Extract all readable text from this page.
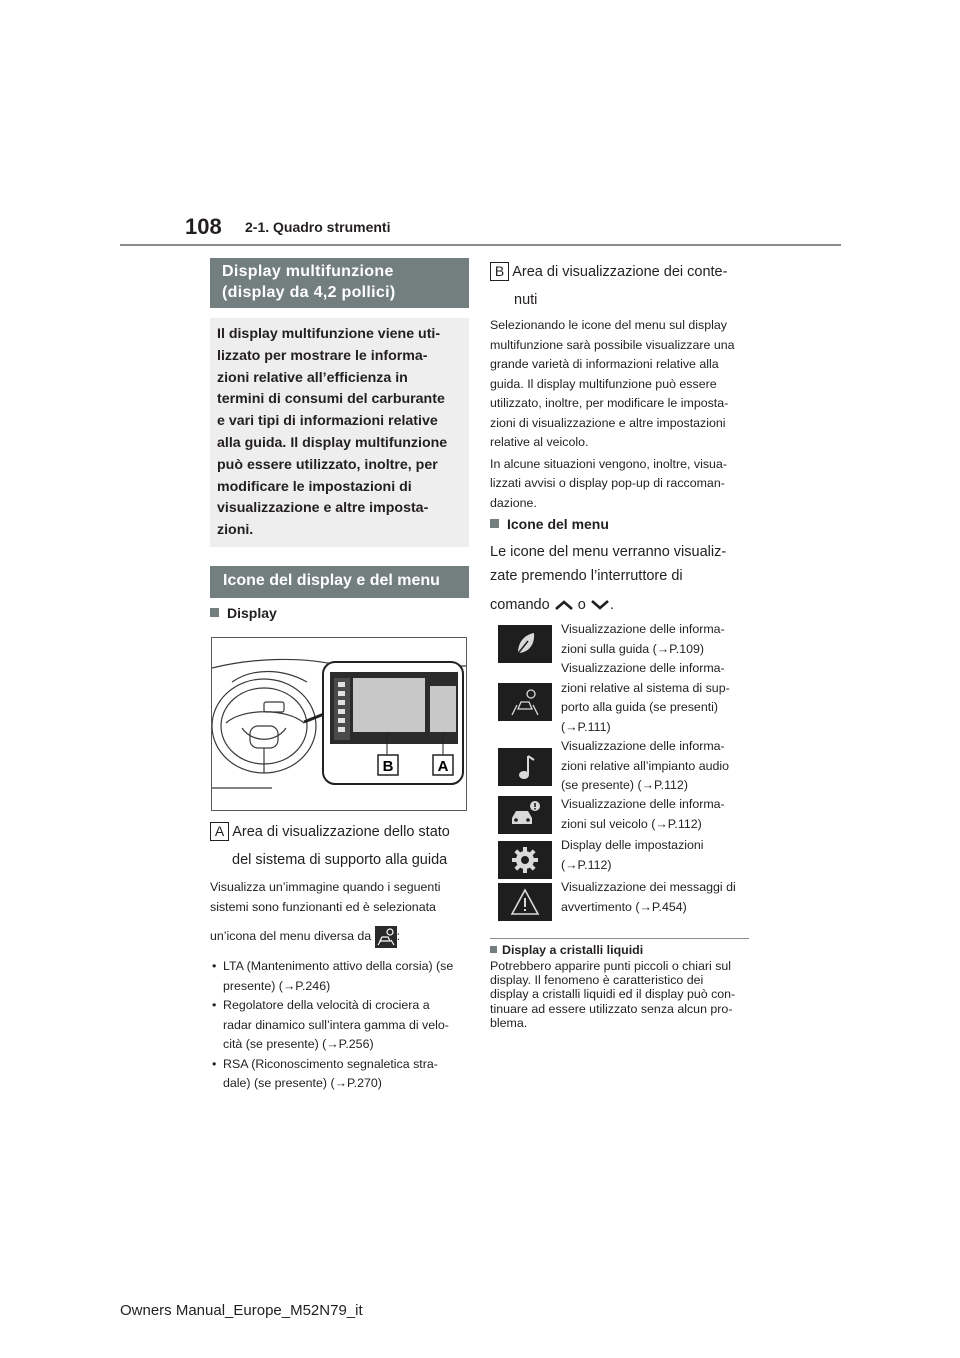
108 2-1. Quadro strumenti
Display multifunzione
(display da 4,2 pollici)
Il display multifunzione viene uti-
lizzato per mostrare le informa-
zioni relative all’efficienza in
termini di consumi del carburante
e vari tipi di informazioni relative
alla guida. Il display multifunzione
può essere utilizzato, inoltre, per
modificare le impostazioni di
visualizzazione e altre imposta-
zioni.
Icone del display e del menu
Display
B	A
A Area di visualizzazione dello stato
del sistema di supporto alla guida
Visualizza un’immagine quando i seguenti
sistemi sono funzionanti ed è selezionata
un’icona del menu diversa da :
• LTA (Mantenimento attivo della corsia) (se
presente) (→P.246)
• Regolatore della velocità di crociera a
radar dinamico sull’intera gamma di velo-
cità (se presente) (→P.256)
• RSA (Riconoscimento segnaletica stra-
dale) (se presente) (→P.270)
B Area di visualizzazione dei conte-
nuti
Selezionando le icone del menu sul display
multifunzione sarà possibile visualizzare una
grande varietà di informazioni relative alla
guida. Il display multifunzione può essere
utilizzato, inoltre, per modificare le imposta-
zioni di visualizzazione e altre impostazioni
relative al veicolo.
In alcune situazioni vengono, inoltre, visua-
lizzati avvisi o display pop-up di raccoman-
dazione.
Icone del menu
Le icone del menu verranno visualiz-
zate premendo l’interruttore di
comando o .
Visualizzazione delle informa-
zioni sulla guida (→P.109)
Visualizzazione delle informa-
zioni relative al sistema di sup-
porto alla guida (se presenti)
(→P.111)
Visualizzazione delle informa-
zioni relative all’impianto audio
(se presente) (→P.112)
Visualizzazione delle informa-
zioni sul veicolo (→P.112)
Display delle impostazioni
(→P.112)
Visualizzazione dei messaggi di
avvertimento (→P.454)
Display a cristalli liquidi
Potrebbero apparire punti piccoli o chiari sul
display. Il fenomeno è caratteristico dei
display a cristalli liquidi ed il display può con-
tinuare ad essere utilizzato senza alcun pro-
blema.
Owners Manual_Europe_M52N79_it
